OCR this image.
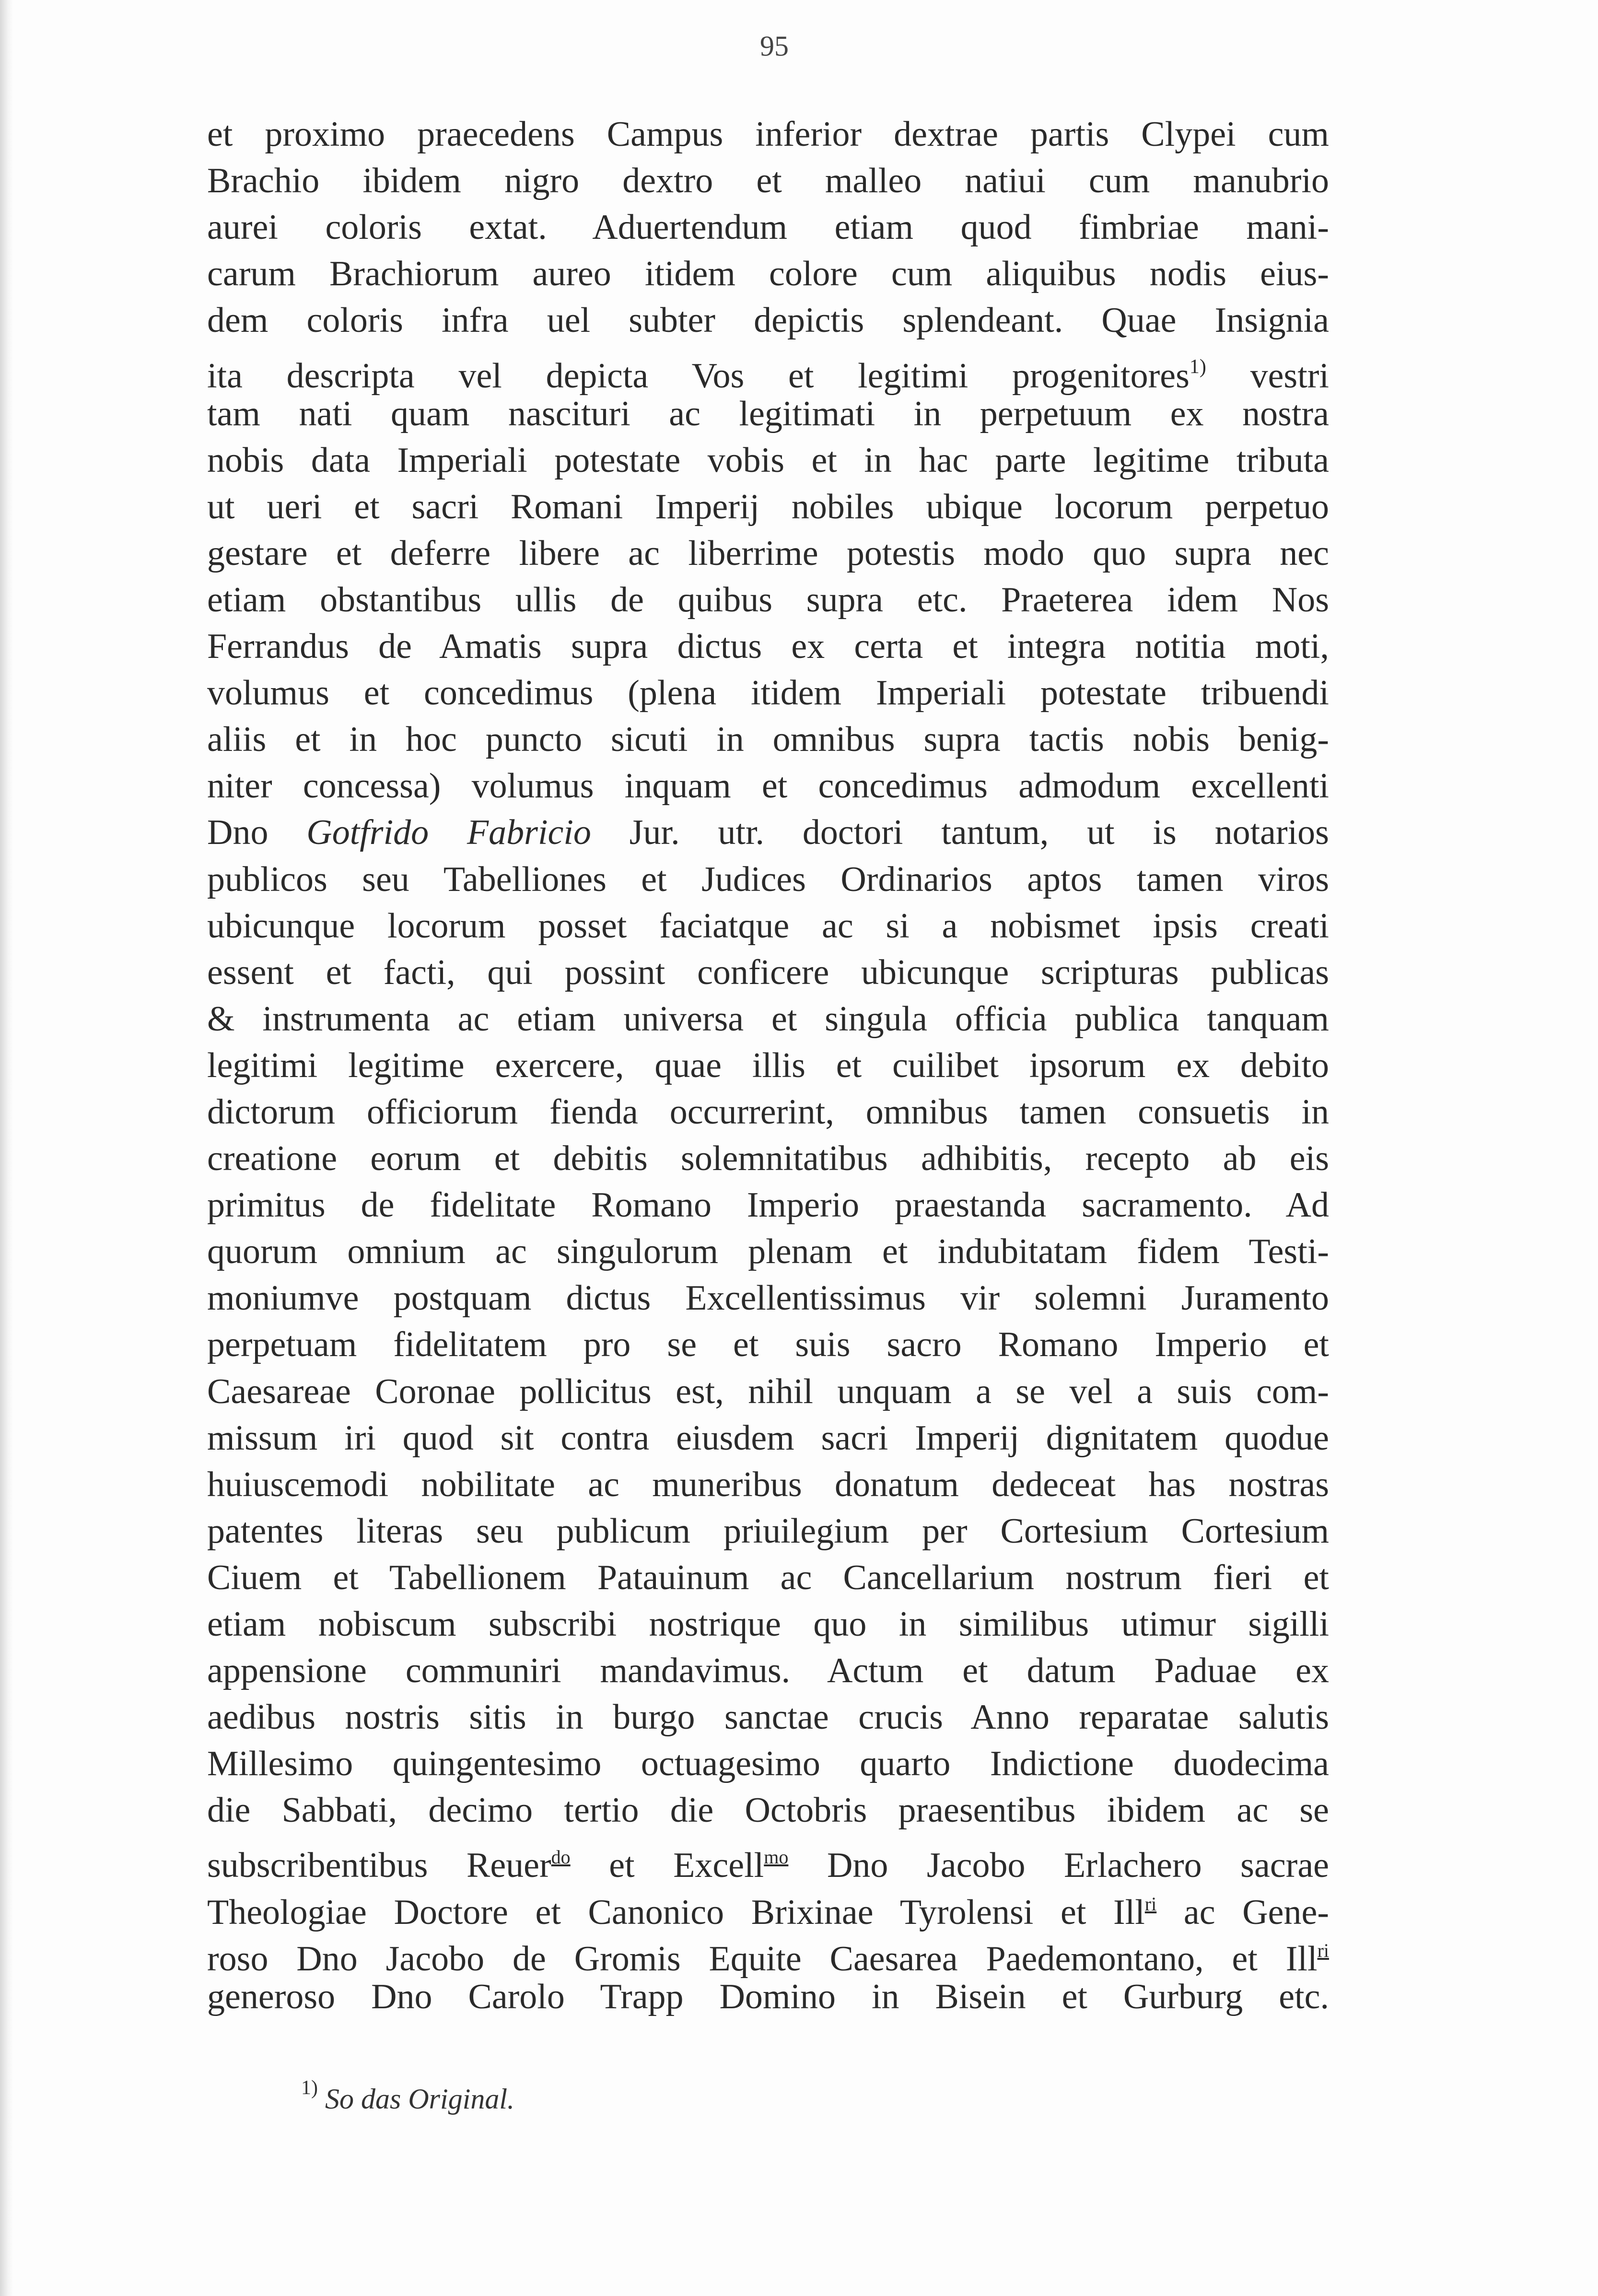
95
et proximo praecedens Campus inferior dextrae partis Clypei cum
Brachio ibidem nigro dextro et malleo natiui cum manubrio
aurei coloris extat. Aduertendum etiam quod fimbriae mani-
carum Brachiorum aureo itidem colore cum aliquibus nodis eius-
dem coloris infra uel subter depictis splendeant. Quae Insignia
ita descripta vel depicta Vos et legitimi progenitores$^{1)}$ vestri
tam nati quam nascituri ac legitimati in perpetuum ex nostra
nobis data Imperiali potestate vobis et in hac parte legitime tributa
ut ueri et sacri Romani Imperij nobiles ubique locorum perpetuo
gestare et deferre libere ac liberrime potestis modo quo supra nec
etiam obstantibus ullis de quibus supra etc. Praeterea idem Nos
Ferrandus de Amatis supra dictus ex certa et integra notitia moti,
volumus et concedimus (plena itidem Imperiali potestate tribuendi
aliis et in hoc puncto sicuti in omnibus supra tactis nobis benig-
niter concessa) volumus inquam et concedimus admodum excellenti
Dno Gotfrido Fabricio Jur. utr. doctori tantum, ut is notarios
publicos seu Tabelliones et Judices Ordinarios aptos tamen viros
ubicunque locorum posset faciatque ac si a nobismet ipsis creati
essent et facti, qui possint conficere ubicunque scripturas publicas
& instrumenta ac etiam universa et singula officia publica tanquam
legitimi legitime exercere, quae illis et cuilibet ipsorum ex debito
dictorum officiorum fienda occurrerint, omnibus tamen consuetis in
creatione eorum et debitis solemnitatibus adhibitis, recepto ab eis
primitus de fidelitate Romano Imperio praestanda sacramento. Ad
quorum omnium ac singulorum plenam et indubitatam fidem Testi-
moniumve postquam dictus Excellentissimus vir solemni Juramento
perpetuam fidelitatem pro se et suis sacro Romano Imperio et
Caesareae Coronae pollicitus est, nihil unquam a se vel a suis com-
missum iri quod sit contra eiusdem sacri Imperij dignitatem quodue
huiuscemodi nobilitate ac muneribus donatum dedeceat has nostras
patentes literas seu publicum priuilegium per Cortesium Cortesium
Ciuem et Tabellionem Patauinum ac Cancellarium nostrum fieri et
etiam nobiscum subscribi nostrique quo in similibus utimur sigilli
appensione communiri mandavimus. Actum et datum Paduae ex
aedibus nostris sitis in burgo sanctae crucis Anno reparatae salutis
Millesimo quingentesimo octuagesimo quarto Indictione duodecima
die Sabbati, decimo tertio die Octobris praesentibus ibidem ac se
subscribentibus Reuer$^{do}$ et Excell$^{mo}$ Dno Jacobo Erlachero sacrae
Theologiae Doctore et Canonico Brixinae Tyrolensi et Ill$^{ri}$ ac Gene-
roso Dno Jacobo de Gromis Equite Caesarea Paedemontano, et Ill$^{ri}$
generoso Dno Carolo Trapp Domino in Bisein et Gurburg etc.
$^{1)}$ So das Original.
